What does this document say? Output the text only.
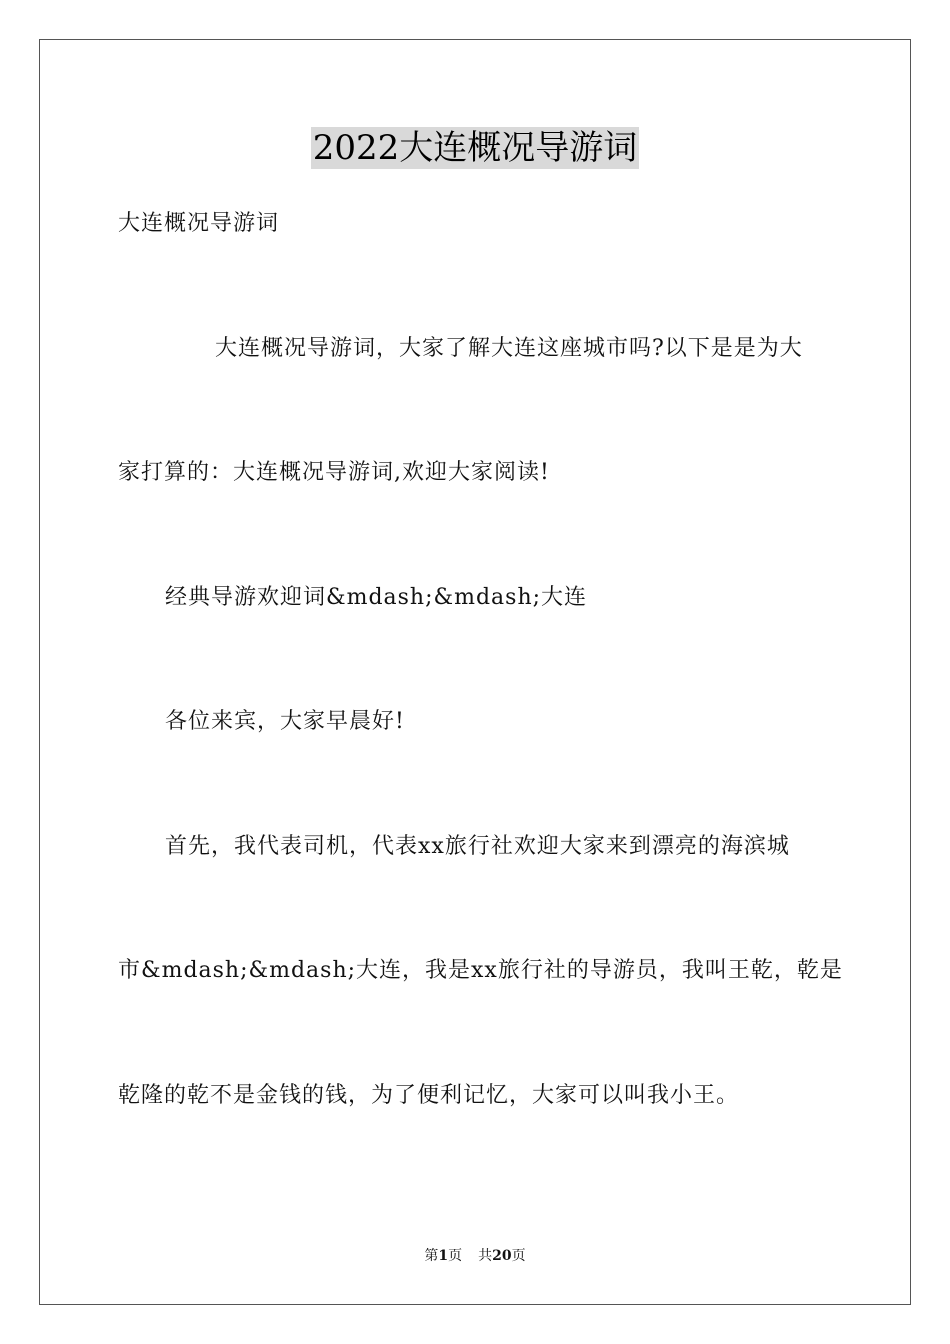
2022大连概况导游词
大连概况导游词
大连概况导游词，大家了解大连这座城市吗?以下是是为大
家打算的：大连概况导游词,欢迎大家阅读!
经典导游欢迎词&mdash;&mdash;大连
各位来宾，大家早晨好!
首先，我代表司机，代表xx旅行社欢迎大家来到漂亮的海滨城
市&mdash;&mdash;大连，我是xx旅行社的导游员，我叫王乾，乾是
乾隆的乾不是金钱的钱，为了便利记忆，大家可以叫我小王。
第1页 共20页
